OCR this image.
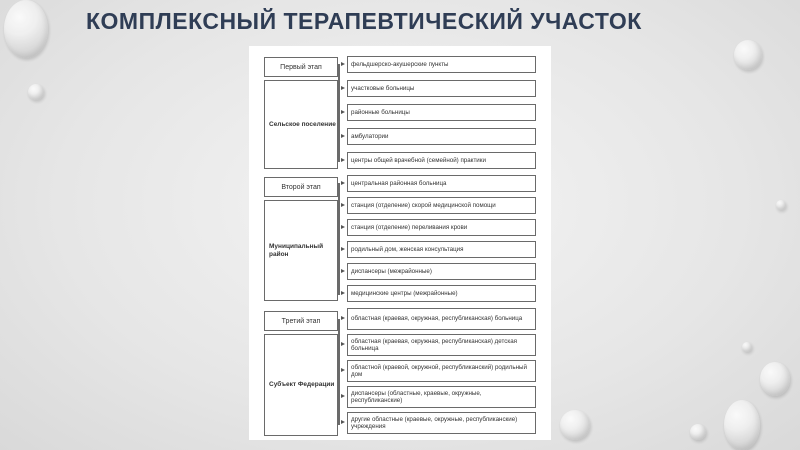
КОМПЛЕКСНЫЙ ТЕРАПЕВТИЧЕСКИЙ УЧАСТОК
Первый этап
Сельское поселение
фельдшерско-акушерские пункты
участковые больницы
районные больницы
амбулатории
центры общей врачебной (семейной) практики
Второй этап
Муниципальный район
центральная районная больница
станция (отделение) скорой медицинской помощи
станция (отделение) переливания крови
родильный дом, женская консультация
диспансеры (межрайонные)
медицинские центры (межрайонные)
Третий этап
Субъект Федерации
областная (краевая, окружная, республиканская) больница
областная (краевая, окружная, республиканская) детская больница
областной (краевой, окружной, республиканский) родильный дом
диспансеры (областные, краевые, окружные, республиканские)
другие областные (краевые, окружные, республиканские) учреждения
